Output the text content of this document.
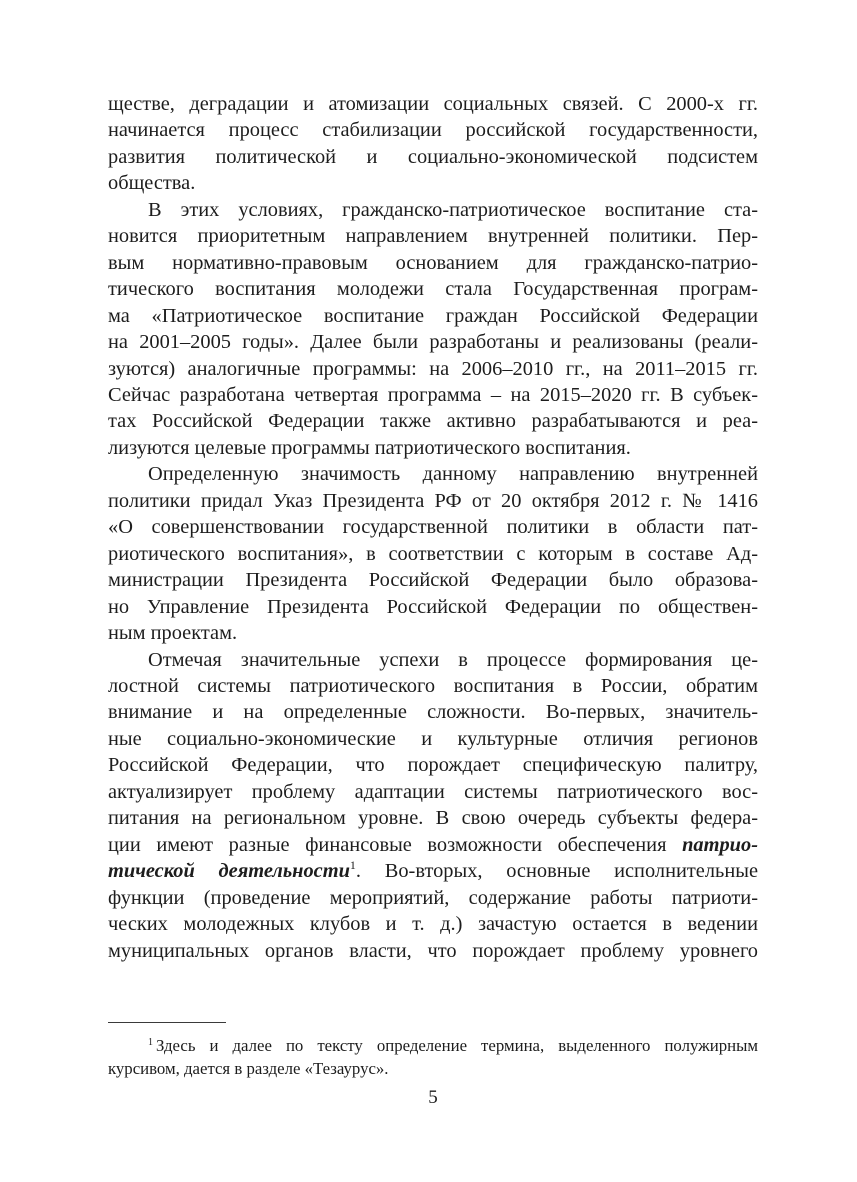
ществе, деградации и атомизации социальных связей. С 2000-х гг.
начинается процесс стабилизации российской государственности,
развития политической и социально-экономической подсистем
общества.
В этих условиях, гражданско-патриотическое воспитание ста-
новится приоритетным направлением внутренней политики. Пер-
вым нормативно-правовым основанием для гражданско-патрио-
тического воспитания молодежи стала Государственная програм-
ма «Патриотическое воспитание граждан Российской Федерации
на 2001–2005 годы». Далее были разработаны и реализованы (реали-
зуются) аналогичные программы: на 2006–2010 гг., на 2011–2015 гг.
Сейчас разработана четвертая программа – на 2015–2020 гг. В субъек-
тах Российской Федерации также активно разрабатываются и реа-
лизуются целевые программы патриотического воспитания.
Определенную значимость данному направлению внутренней
политики придал Указ Президента РФ от 20 октября 2012 г. № 1416
«О совершенствовании государственной политики в области пат-
риотического воспитания», в соответствии с которым в составе Ад-
министрации Президента Российской Федерации было образова-
но Управление Президента Российской Федерации по обществен-
ным проектам.
Отмечая значительные успехи в процессе формирования це-
лостной системы патриотического воспитания в России, обратим
внимание и на определенные сложности. Во-первых, значитель-
ные социально-экономические и культурные отличия регионов
Российской Федерации, что порождает специфическую палитру,
актуализирует проблему адаптации системы патриотического вос-
питания на региональном уровне. В свою очередь субъекты федера-
ции имеют разные финансовые возможности обеспечения патрио-
тической деятельности$^1$. Во-вторых, основные исполнительные
функции (проведение мероприятий, содержание работы патриоти-
ческих молодежных клубов и т. д.) зачастую остается в ведении
муниципальных органов власти, что порождает проблему уровнего
$^1$ Здесь и далее по тексту определение термина, выделенного полужирным
курсивом, дается в разделе «Тезаурус».
5
